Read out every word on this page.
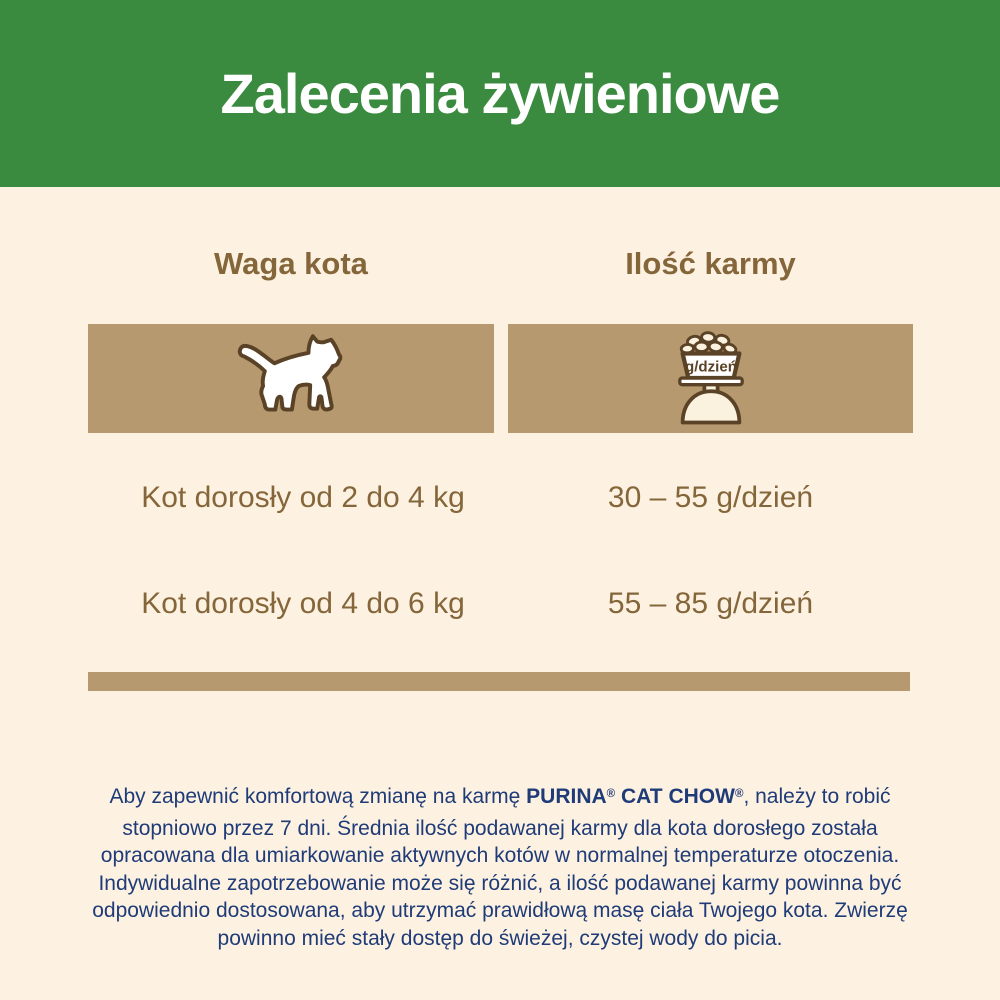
Zalecenia żywieniowe
Waga kota	Ilość karmy
g/dzień
Kot dorosły od 2 do 4 kg	30 – 55 g/dzień
Kot dorosły od 4 do 6 kg	55 – 85 g/dzień
Aby zapewnić komfortową zmianę na karmę PURINA® CAT CHOW®, należy to robić
stopniowo przez 7 dni. Średnia ilość podawanej karmy dla kota dorosłego została
opracowana dla umiarkowanie aktywnych kotów w normalnej temperaturze otoczenia.
Indywidualne zapotrzebowanie może się różnić, a ilość podawanej karmy powinna być
odpowiednio dostosowana, aby utrzymać prawidłową masę ciała Twojego kota. Zwierzę
powinno mieć stały dostęp do świeżej, czystej wody do picia.
